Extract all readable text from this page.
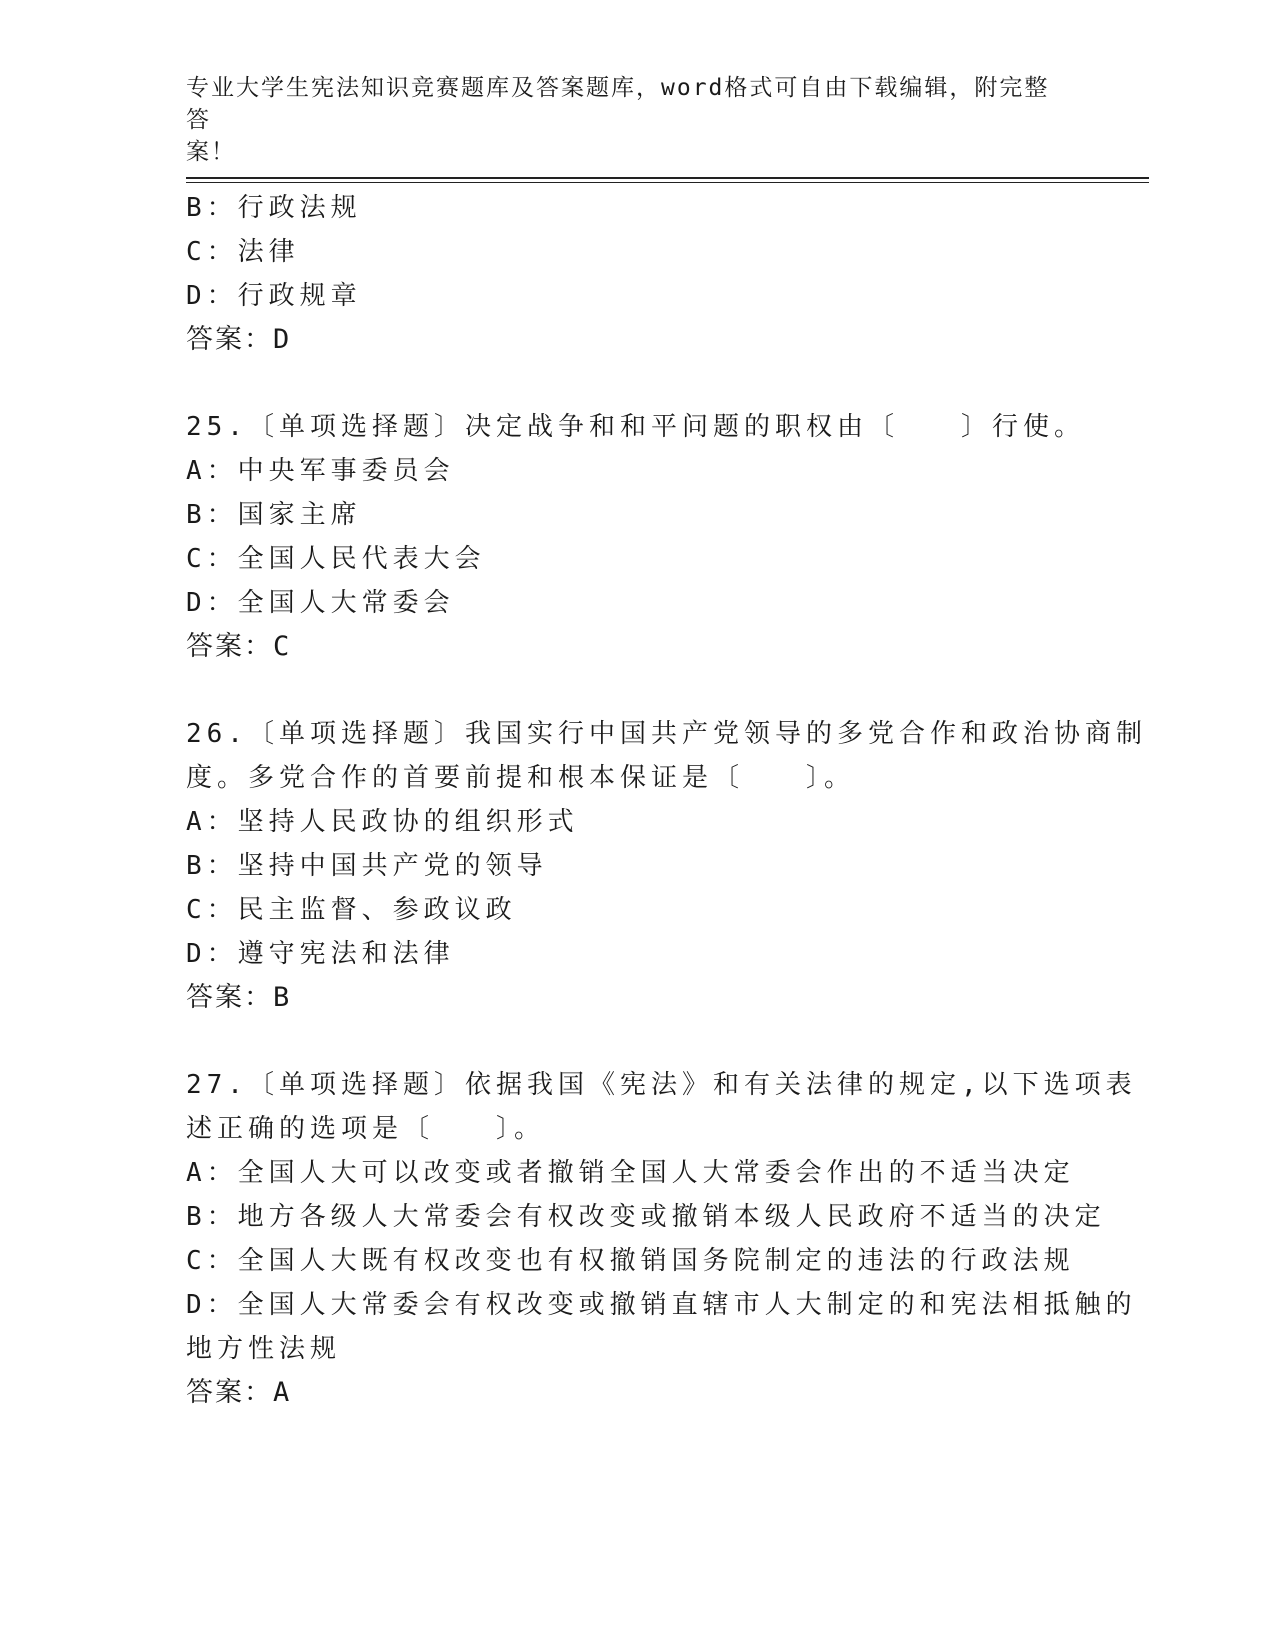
专业大学生宪法知识竞赛题库及答案题库，word格式可自由下载编辑，附完整答
案！
B：行政法规
C：法律
D：行政规章
答案：D
25.〔单项选择题〕决定战争和和平问题的职权由〔　　〕行使。
A：中央军事委员会
B：国家主席
C：全国人民代表大会
D：全国人大常委会
答案：C
26.〔单项选择题〕我国实行中国共产党领导的多党合作和政治协商制
度。多党合作的首要前提和根本保证是〔　　〕。
A：坚持人民政协的组织形式
B：坚持中国共产党的领导
C：民主监督、参政议政
D：遵守宪法和法律
答案：B
27.〔单项选择题〕依据我国《宪法》和有关法律的规定,以下选项表
述正确的选项是〔　　〕。
A：全国人大可以改变或者撤销全国人大常委会作出的不适当决定
B：地方各级人大常委会有权改变或撤销本级人民政府不适当的决定
C：全国人大既有权改变也有权撤销国务院制定的违法的行政法规
D：全国人大常委会有权改变或撤销直辖市人大制定的和宪法相抵触的
地方性法规
答案：A
